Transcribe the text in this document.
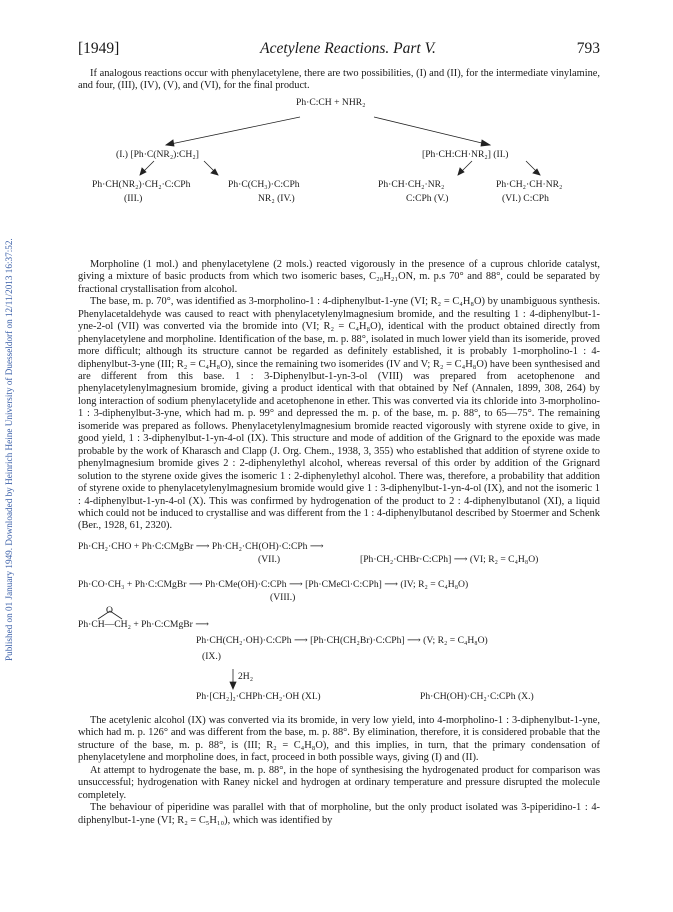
Published on 01 January 1949. Downloaded by Heinrich Heine University of Duesseldorf on 12/11/2013 16:37:52.
[1949]	Acetylene Reactions. Part V.	793

If analogous reactions occur with phenylacetylene, there are two possibilities, (I) and (II), for the intermediate vinylamine, and four, (III), (IV), (V), and (VI), for the final product.

Ph·C:CH + NHR₂
(I.) [Ph·C(NR₂):CH₂]	[Ph·CH:CH·NR₂] (II.)
Ph·CH(NR₂)·CH₂·C:CPh
(III.)
Ph·C(CH₃)·C:CPh
NR₂ (IV.)
Ph·CH·CH₂·NR₂
C:CPh (V.)
Ph·CH₂·CH·NR₂
(VI.) C:CPh

Morpholine (1 mol.) and phenylacetylene (2 mols.) reacted vigorously in the presence of a cuprous chloride catalyst, giving a mixture of basic products from which two isomeric bases, C₂₀H₂₁ON, m. p.s 70° and 88°, could be separated by fractional crystallisation from alcohol.

The base, m. p. 70°, was identified as 3-morpholino-1 : 4-diphenylbut-1-yne (VI; R₂ = C₄H₈O) by unambiguous synthesis. Phenylacetaldehyde was caused to react with phenylacetylenylmagnesium bromide, and the resulting 1 : 4-diphenylbut-1-yne-2-ol (VII) was converted via the bromide into (VI; R₂ = C₄H₈O), identical with the product obtained directly from phenylacetylene and morpholine. Identification of the base, m. p. 88°, isolated in much lower yield than its isomeride, proved more difficult; although its structure cannot be regarded as definitely established, it is probably 1-morpholino-1 : 4-diphenylbut-3-yne (III; R₂ = C₄H₈O), since the remaining two isomerides (IV and V; R₂ = C₄H₈O) have been synthesised and are different from this base. 1 : 3-Diphenylbut-1-yn-3-ol (VIII) was prepared from acetophenone and phenylacetylenylmagnesium bromide, giving a product identical with that obtained by Nef (Annalen, 1899, 308, 264) by long interaction of sodium phenylacetylide and acetophenone in ether. This was converted via its chloride into 3-morpholino-1 : 3-diphenylbut-3-yne, which had m. p. 99° and depressed the m. p. of the base, m. p. 88°, to 65—75°. The remaining isomeride was prepared as follows. Phenylacetylenylmagnesium bromide reacted vigorously with styrene oxide to give, in good yield, 1 : 3-diphenylbut-1-yn-4-ol (IX). This structure and mode of addition of the Grignard to the epoxide was made probable by the work of Kharasch and Clapp (J. Org. Chem., 1938, 3, 355) who established that addition of styrene oxide to phenylmagnesium bromide gives 2 : 2-diphenylethyl alcohol, whereas reversal of this order by addition of the Grignard solution to the styrene oxide gives the isomeric 1 : 2-diphenylethyl alcohol. There was, therefore, a probability that addition of styrene oxide to phenylacetylenylmagnesium bromide would give 1 : 3-diphenylbut-1-yn-4-ol (IX), and not the isomeric 1 : 4-diphenylbut-1-yn-4-ol (X). This was confirmed by hydrogenation of the product to 2 : 4-diphenylbutanol (XI), a liquid which could not be induced to crystallise and was different from the 1 : 4-diphenylbutanol described by Stoermer and Schenk (Ber., 1928, 61, 2320).

Ph·CH₂·CHO + Ph·C:CMgBr ⟶ Ph·CH₂·CH(OH)·C:CPh ⟶
(VII.)	[Ph·CH₂·CHBr·C:CPh] ⟶ (VI; R₂ = C₄H₈O)
Ph·CO·CH₃ + Ph·C:CMgBr ⟶ Ph·CMe(OH)·C:CPh ⟶ [Ph·CMeCl·C:CPh] ⟶ (IV; R₂ = C₄H₈O)
(VIII.)
O
Ph·CH—CH₂ + Ph·C:CMgBr ⟶
Ph·CH(CH₂·OH)·C:CPh ⟶ [Ph·CH(CH₂Br)·C:CPh] ⟶ (V; R₂ = C₄H₈O)
(IX.)
2H₂
Ph·[CH₂]₂·CHPh·CH₂·OH (XI.)	Ph·CH(OH)·CH₂·C:CPh (X.)

The acetylenic alcohol (IX) was converted via its bromide, in very low yield, into 4-morpholino-1 : 3-diphenylbut-1-yne, which had m. p. 126° and was different from the base, m. p. 88°. By elimination, therefore, it is considered probable that the structure of the base, m. p. 88°, is (III; R₂ = C₄H₈O), and this implies, in turn, that the primary condensation of phenylacetylene and morpholine does, in fact, proceed in both possible ways, giving (I) and (II).

At attempt to hydrogenate the base, m. p. 88°, in the hope of synthesising the hydrogenated product for comparison was unsuccessful; hydrogenation with Raney nickel and hydrogen at ordinary temperature and pressure disrupted the molecule completely.

The behaviour of piperidine was parallel with that of morpholine, but the only product isolated was 3-piperidino-1 : 4-diphenylbut-1-yne (VI; R₂ = C₅H₁₀), which was identified by
